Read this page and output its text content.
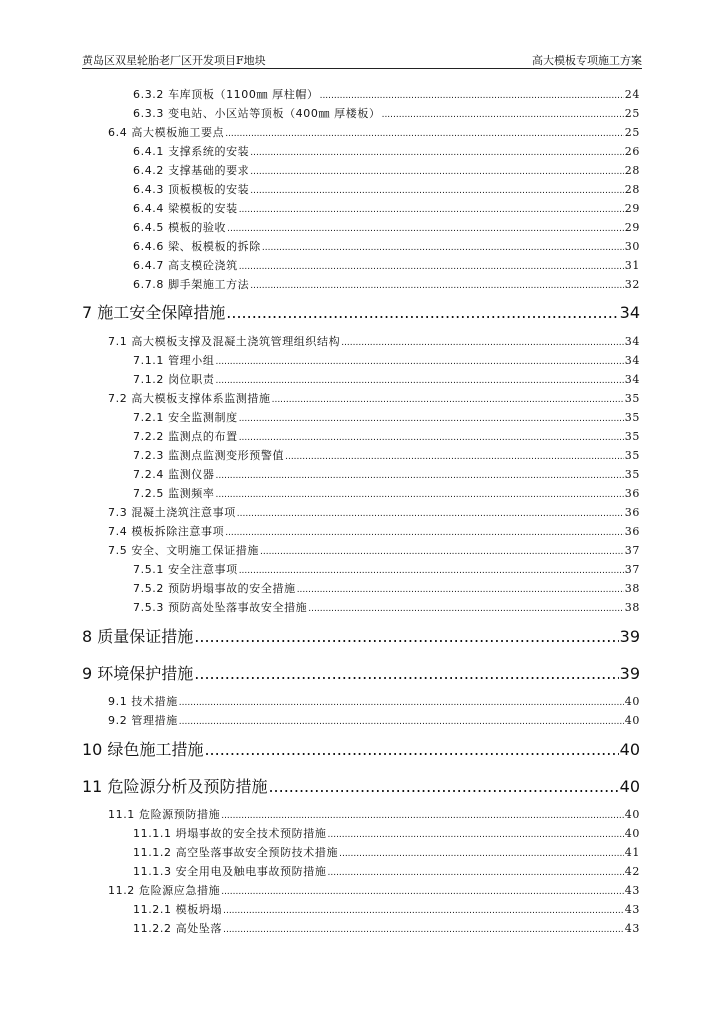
黄岛区双星轮胎老厂区开发项目F地块	高大模板专项施工方案
6.3.2 车库顶板（1100㎜ 厚柱帽） .....	24
6.3.3 变电站、小区站等顶板（400㎜ 厚楼板） .....	25
6.4 高大模板施工要点 .....	25
6.4.1 支撑系统的安装 .....	26
6.4.2 支撑基础的要求 .....	28
6.4.3 顶板模板的安装 .....	28
6.4.4 梁模板的安装 .....	29
6.4.5 模板的验收 .....	29
6.4.6 梁、板模板的拆除 .....	30
6.4.7 高支模砼浇筑 .....	31
6.7.8 脚手架施工方法 .....	32
7 施工安全保障措施 .....	34
7.1 高大模板支撑及混凝土浇筑管理组织结构 .....	34
7.1.1 管理小组 .....	34
7.1.2 岗位职责 .....	34
7.2 高大模板支撑体系监测措施 .....	35
7.2.1 安全监测制度 .....	35
7.2.2 监测点的布置 .....	35
7.2.3 监测点监测变形预警值 .....	35
7.2.4 监测仪器 .....	35
7.2.5 监测频率 .....	36
7.3 混凝土浇筑注意事项 .....	36
7.4 模板拆除注意事项 .....	36
7.5 安全、文明施工保证措施 .....	37
7.5.1 安全注意事项 .....	37
7.5.2 预防坍塌事故的安全措施 .....	38
7.5.3 预防高处坠落事故安全措施 .....	38
8 质量保证措施 .....	39
9 环境保护措施 .....	39
9.1 技术措施 .....	40
9.2 管理措施 .....	40
10 绿色施工措施 .....	40
11 危险源分析及预防措施 .....	40
11.1 危险源预防措施 .....	40
11.1.1 坍塌事故的安全技术预防措施 .....	40
11.1.2 高空坠落事故安全预防技术措施 .....	41
11.1.3 安全用电及触电事故预防措施 .....	42
11.2 危险源应急措施 .....	43
11.2.1 模板坍塌 .....	43
11.2.2 高处坠落 .....	43
